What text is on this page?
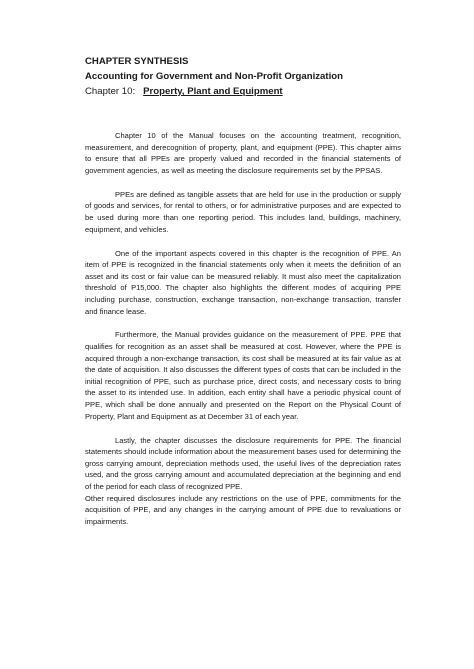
CHAPTER SYNTHESIS
Accounting for Government and Non-Profit Organization
Chapter 10: Property, Plant and Equipment

Chapter 10 of the Manual focuses on the accounting treatment, recognition, measurement, and derecognition of property, plant, and equipment (PPE). This chapter aims to ensure that all PPEs are properly valued and recorded in the financial statements of government agencies, as well as meeting the disclosure requirements set by the PPSAS.

PPEs are defined as tangible assets that are held for use in the production or supply of goods and services, for rental to others, or for administrative purposes and are expected to be used during more than one reporting period. This includes land, buildings, machinery, equipment, and vehicles.

One of the important aspects covered in this chapter is the recognition of PPE. An item of PPE is recognized in the financial statements only when it meets the definition of an asset and its cost or fair value can be measured reliably. It must also meet the capitalization threshold of P15,000. The chapter also highlights the different modes of acquiring PPE including purchase, construction, exchange transaction, non-exchange transaction, transfer and finance lease.

Furthermore, the Manual provides guidance on the measurement of PPE. PPE that qualifies for recognition as an asset shall be measured at cost. However, where the PPE is acquired through a non-exchange transaction, its cost shall be measured at its fair value as at the date of acquisition. It also discusses the different types of costs that can be included in the initial recognition of PPE, such as purchase price, direct costs, and necessary costs to bring the asset to its intended use. In addition, each entity shall have a periodic physical count of PPE, which shall be done annually and presented on the Report on the Physical Count of Property, Plant and Equipment as at December 31 of each year.

Lastly, the chapter discusses the disclosure requirements for PPE. The financial statements should include information about the measurement bases used for determining the gross carrying amount, depreciation methods used, the useful lives of the depreciation rates used, and the gross carrying amount and accumulated depreciation at the beginning and end of the period for each class of recognized PPE.

Other required disclosures include any restrictions on the use of PPE, commitments for the acquisition of PPE, and any changes in the carrying amount of PPE due to revaluations or impairments.
